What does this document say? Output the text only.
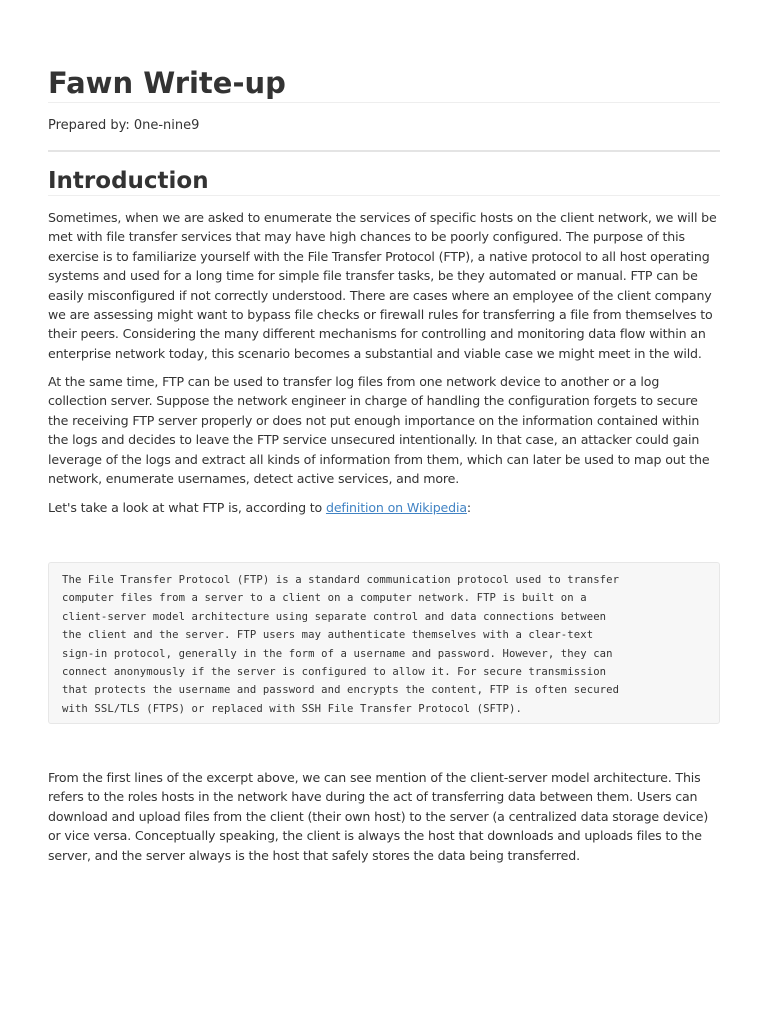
Fawn Write-up
Prepared by: 0ne-nine9
Introduction

Sometimes, when we are asked to enumerate the services of specific hosts on the client network, we will be met with file transfer services that may have high chances to be poorly configured. The purpose of this exercise is to familiarize yourself with the File Transfer Protocol (FTP), a native protocol to all host operating systems and used for a long time for simple file transfer tasks, be they automated or manual. FTP can be easily misconfigured if not correctly understood. There are cases where an employee of the client company we are assessing might want to bypass file checks or firewall rules for transferring a file from themselves to their peers. Considering the many different mechanisms for controlling and monitoring data flow within an enterprise network today, this scenario becomes a substantial and viable case we might meet in the wild.

At the same time, FTP can be used to transfer log files from one network device to another or a log collection server. Suppose the network engineer in charge of handling the configuration forgets to secure the receiving FTP server properly or does not put enough importance on the information contained within the logs and decides to leave the FTP service unsecured intentionally. In that case, an attacker could gain leverage of the logs and extract all kinds of information from them, which can later be used to map out the network, enumerate usernames, detect active services, and more.

Let's take a look at what FTP is, according to definition on Wikipedia:

The File Transfer Protocol (FTP) is a standard communication protocol used to transfer
computer files from a server to a client on a computer network. FTP is built on a
client-server model architecture using separate control and data connections between
the client and the server. FTP users may authenticate themselves with a clear-text
sign-in protocol, generally in the form of a username and password. However, they can
connect anonymously if the server is configured to allow it. For secure transmission
that protects the username and password and encrypts the content, FTP is often secured
with SSL/TLS (FTPS) or replaced with SSH File Transfer Protocol (SFTP).

From the first lines of the excerpt above, we can see mention of the client-server model architecture. This refers to the roles hosts in the network have during the act of transferring data between them. Users can download and upload files from the client (their own host) to the server (a centralized data storage device) or vice versa. Conceptually speaking, the client is always the host that downloads and uploads files to the server, and the server always is the host that safely stores the data being transferred.
